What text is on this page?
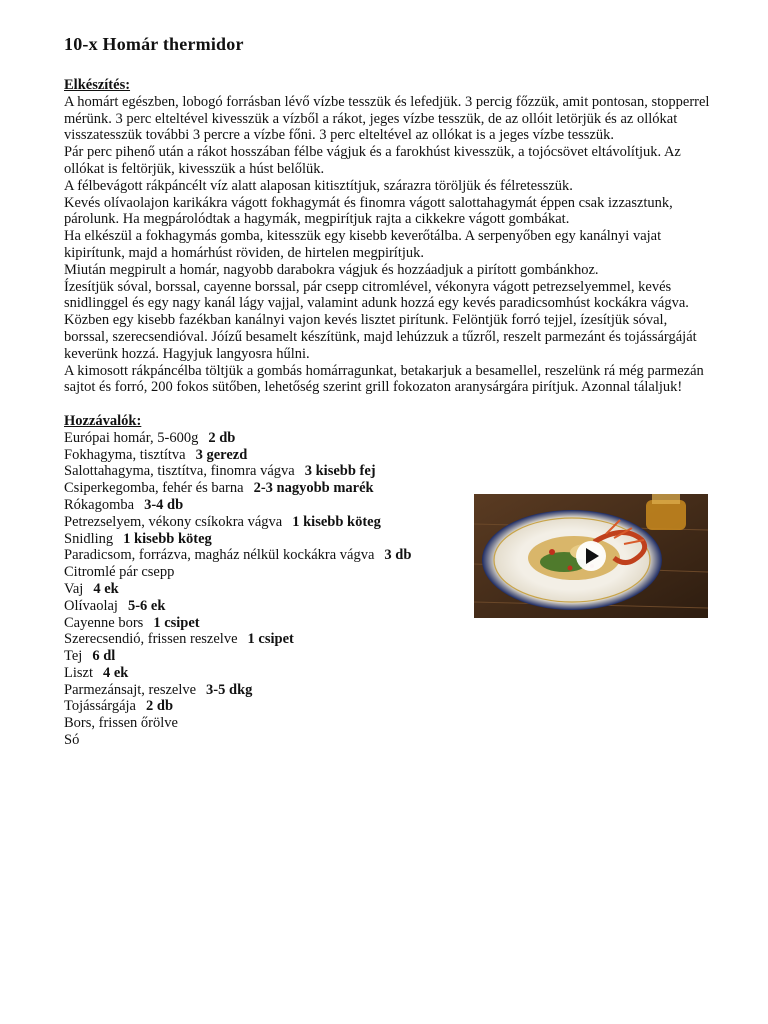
10-x Homár thermidor
Elkészítés:

A homárt egészben, lobogó forrásban lévő vízbe tesszük és lefedjük. 3 percig főzzük, amit pontosan, stopperrel mérünk. 3 perc elteltével kivesszük a vízből a rákot, jeges vízbe tesszük, de az ollóit letörjük és az ollókat visszatesszük további 3 percre a vízbe főni. 3 perc elteltével az ollókat is a jeges vízbe tesszük.

Pár perc pihenő után a rákot hosszában félbe vágjuk és a farokhúst kivesszük, a tojócsövet eltávolítjuk. Az ollókat is feltörjük, kivesszük a húst belőlük.

A félbevágott rákpáncélt víz alatt alaposan kitisztítjuk, szárazra töröljük és félretesszük.

Kevés olívaolajon karikákra vágott fokhagymát és finomra vágott salottahagymát éppen csak izzasztunk, párolunk. Ha megpárolódtak a hagymák, megpirítjuk rajta a cikkekre vágott gombákat.

Ha elkészül a fokhagymás gomba, kitesszük egy kisebb keverőtálba. A serpenyőben egy kanálnyi vajat kipirítunk, majd a homárhúst röviden, de hirtelen megpirítjuk.

Miután megpirult a homár, nagyobb darabokra vágjuk és hozzáadjuk a pirított gombánkhoz.

Ízesítjük sóval, borssal, cayenne borssal, pár csepp citromlével, vékonyra vágott petrezselyemmel, kevés snidlinggel és egy nagy kanál lágy vajjal, valamint adunk hozzá egy kevés paradicsomhúst kockákra vágva.

Közben egy kisebb fazékban kanálnyi vajon kevés lisztet pirítunk. Felöntjük forró tejjel, ízesítjük sóval, borssal, szerecsendióval. Jóízű besamelt készítünk, majd lehúzzuk a tűzről, reszelt parmezánt és tojássárgáját keverünk hozzá. Hagyjuk langyosra hűlni.

A kimosott rákpáncélba töltjük a gombás homárragunkat, betakarjuk a besamellel, reszelünk rá még parmezán sajtot és forró, 200 fokos sütőben, lehetőség szerint grill fokozaton aranysárgára pirítjuk. Azonnal tálaljuk!

Hozzávalók:
Európai homár, 5-600g 2 db
Fokhagyma, tisztítva 3 gerezd
Salottahagyma, tisztítva, finomra vágva 3 kisebb fej
Csiperkegomba, fehér és barna 2-3 nagyobb marék
Rókagomba 3-4 db
Petrezselyem, vékony csíkokra vágva 1 kisebb köteg
Snidling 1 kisebb köteg
Paradicsom, forrázva, magház nélkül kockákra vágva 3 db
Citromlé pár csepp
Vaj 4 ek
Olívaolaj 5-6 ek
Cayenne bors 1 csipet
Szerecsendió, frissen reszelve 1 csipet
Tej 6 dl
Liszt 4 ek
Parmezánsajt, reszelve 3-5 dkg
Tojássárgája 2 db
Bors, frissen őrölve
Só
